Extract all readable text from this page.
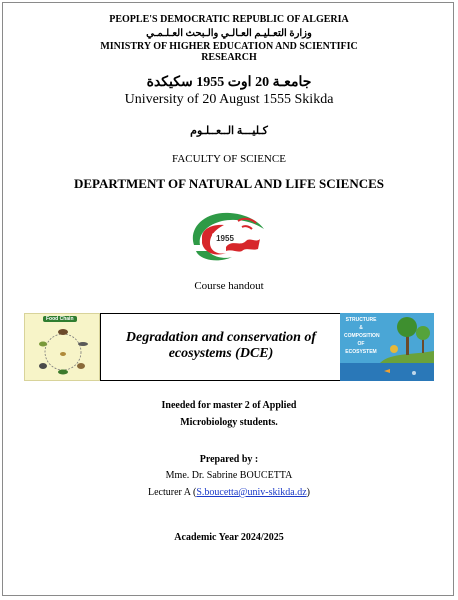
PEOPLE'S DEMOCRATIC REPUBLIC OF ALGERIA
وزارة التعـليـم العـالـي والـبحث العـلـمـي
MINISTRY OF HIGHER EDUCATION AND SCIENTIFIC
RESEARCH
جامعـة 20 اوت 1955 سكيكدة
University of 20 August 1555 Skikda
كـليـــة الــعــلـوم
FACULTY OF SCIENCE
DEPARTMENT OF NATURAL AND LIFE SCIENCES
1955
Course handout
Food Chain
Degradation and conservation of ecosystems (DCE)
STRUCTURE
&
COMPOSITION
OF
ECOSYSTEM
Ineeded for master 2 of Applied
Microbiology students.
Prepared by :
Mme. Dr. Sabrine BOUCETTA
Lecturer A (S.boucetta@univ-skikda.dz)
Academic Year 2024/2025
